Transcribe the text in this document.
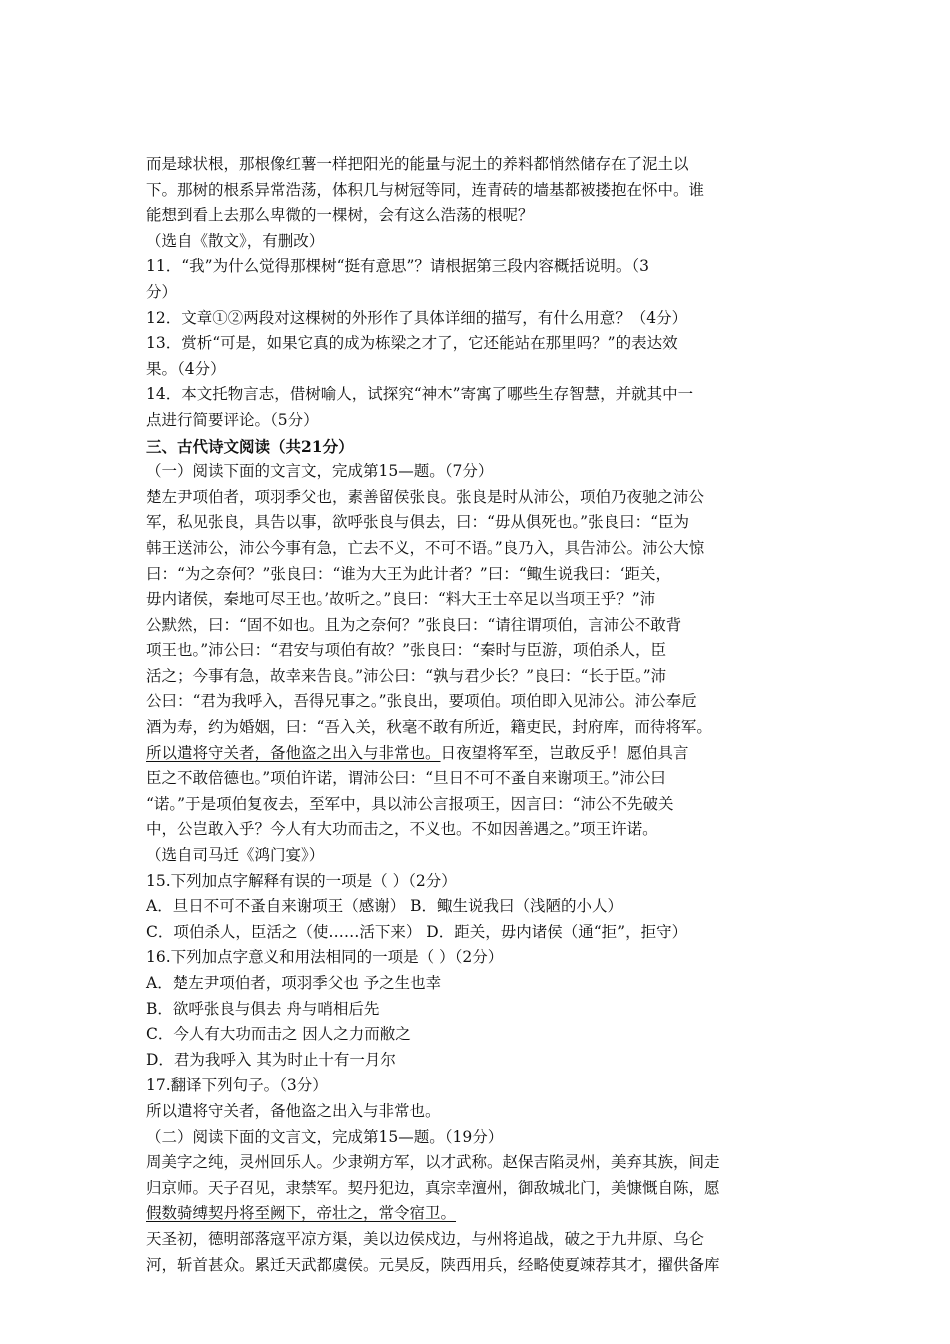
而是球状根，那根像红薯一样把阳光的能量与泥土的养料都悄然储存在了泥土以
下。那树的根系异常浩荡，体积几与树冠等同，连青砖的墙基都被搂抱在怀中。谁
能想到看上去那么卑微的一棵树，会有这么浩荡的根呢？
（选自《散文》，有删改）
11．“我”为什么觉得那棵树“挺有意思”？请根据第三段内容概括说明。（3
分）
12．文章①②两段对这棵树的外形作了具体详细的描写，有什么用意？（4分）
13．赏析“可是，如果它真的成为栋梁之才了，它还能站在那里吗？”的表达效
果。（4分）
14．本文托物言志，借树喻人，试探究“神木”寄寓了哪些生存智慧，并就其中一
点进行简要评论。（5分）
三、古代诗文阅读（共21分）
（一）阅读下面的文言文，完成第15—题。（7分）
楚左尹项伯者，项羽季父也，素善留侯张良。张良是时从沛公，项伯乃夜驰之沛公
军，私见张良，具告以事，欲呼张良与俱去，曰：“毋从俱死也。”张良曰：“臣为
韩王送沛公，沛公今事有急，亡去不义，不可不语。”良乃入，具告沛公。沛公大惊
曰：“为之奈何？”张良曰：“谁为大王为此计者？”曰：“鲰生说我曰：‘距关，
毋内诸侯，秦地可尽王也。’故听之。”良曰：“料大王士卒足以当项王乎？”沛
公默然，曰：“固不如也。且为之奈何？”张良曰：“请往谓项伯，言沛公不敢背
项王也。”沛公曰：“君安与项伯有故？”张良曰：“秦时与臣游，项伯杀人，臣
活之；今事有急，故幸来告良。”沛公曰：“孰与君少长？”良曰：“长于臣。”沛
公曰：“君为我呼入，吾得兄事之。”张良出，要项伯。项伯即入见沛公。沛公奉卮
酒为寿，约为婚姻，曰：“吾入关，秋毫不敢有所近，籍吏民，封府库，而待将军。
所以遣将守关者，备他盗之出入与非常也。日夜望将军至，岂敢反乎！愿伯具言
臣之不敢倍德也。”项伯许诺，谓沛公曰：“旦日不可不蚤自来谢项王。”沛公曰
“诺。”于是项伯复夜去，至军中，具以沛公言报项王，因言曰：“沛公不先破关
中，公岂敢入乎？今人有大功而击之，不义也。不如因善遇之。”项王许诺。
（选自司马迁《鸿门宴》）
15.下列加点字解释有误的一项是（ ）（2分）
A．旦日不可不蚤自来谢项王（感谢） B．鲰生说我曰（浅陋的小人）
C．项伯杀人，臣活之（使……活下来） D．距关，毋内诸侯（通“拒”，拒守）
16.下列加点字意义和用法相同的一项是（ ）（2分）
A．楚左尹项伯者，项羽季父也 予之生也幸
B．欲呼张良与俱去 舟与哨相后先
C．今人有大功而击之 因人之力而敝之
D．君为我呼入 其为时止十有一月尔
17.翻译下列句子。（3分）
所以遣将守关者，备他盗之出入与非常也。
（二）阅读下面的文言文，完成第15—题。（19分）
周美字之纯，灵州回乐人。少隶朔方军，以才武称。赵保吉陷灵州，美弃其族，间走
归京师。天子召见，隶禁军。契丹犯边，真宗幸澶州，御敌城北门，美慷慨自陈，愿
假数骑缚契丹将至阙下，帝壮之，常令宿卫。
天圣初，德明部落寇平凉方渠，美以边侯戍边，与州将追战，破之于九井原、乌仑
河，斩首甚众。累迁天武都虞侯。元昊反，陕西用兵，经略使夏竦荐其才，擢供备库
